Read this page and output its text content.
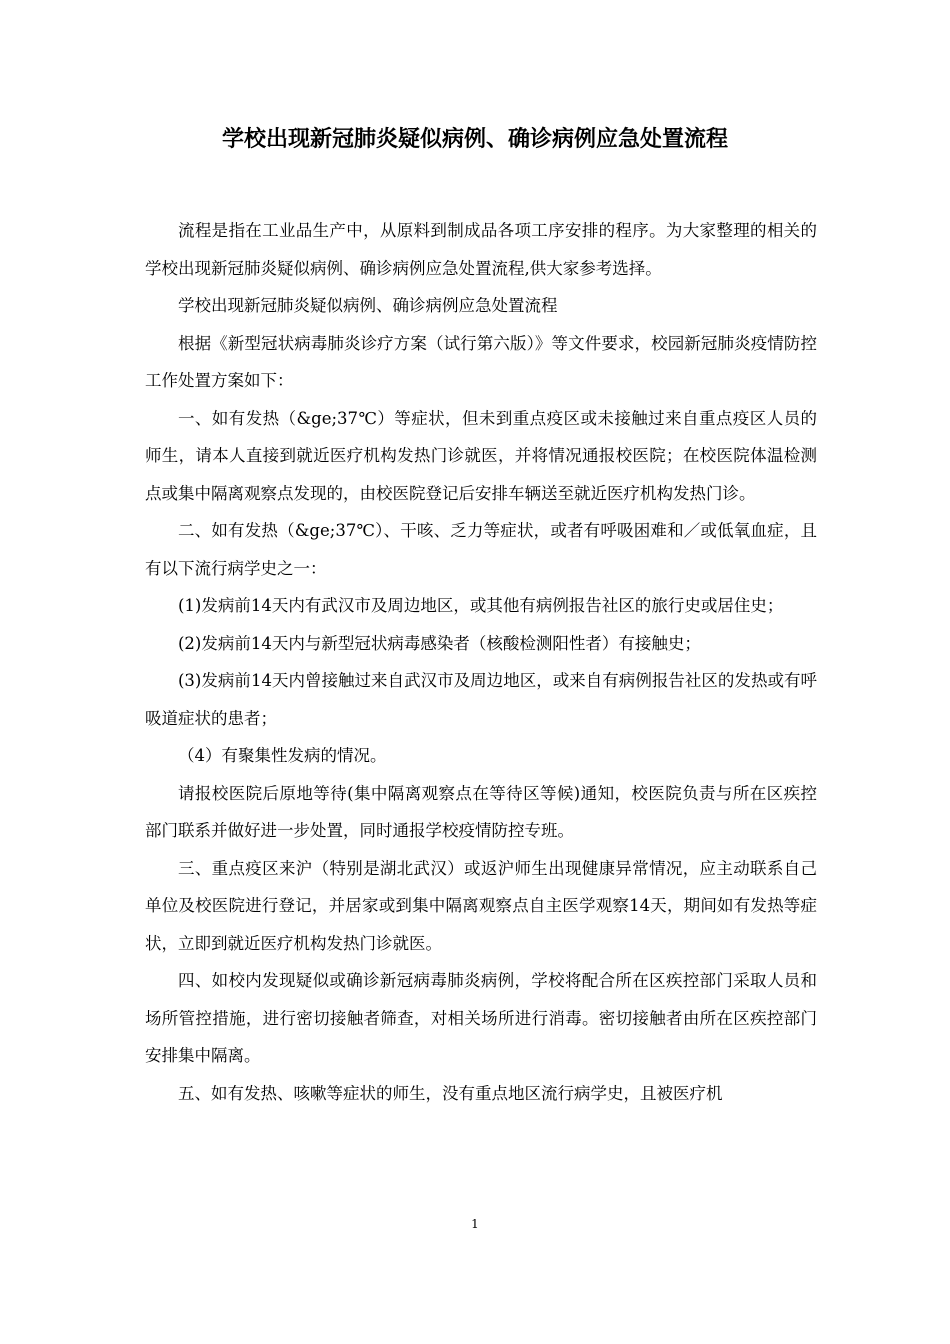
学校出现新冠肺炎疑似病例、确诊病例应急处置流程

流程是指在工业品生产中，从原料到制成品各项工序安排的程序。为大家整理的相关的学校出现新冠肺炎疑似病例、确诊病例应急处置流程,供大家参考选择。

学校出现新冠肺炎疑似病例、确诊病例应急处置流程

根据《新型冠状病毒肺炎诊疗方案（试行第六版）》等文件要求，校园新冠肺炎疫情防控工作处置方案如下：

一、如有发热（&ge;37℃）等症状，但未到重点疫区或未接触过来自重点疫区人员的师生，请本人直接到就近医疗机构发热门诊就医，并将情况通报校医院；在校医院体温检测点或集中隔离观察点发现的，由校医院登记后安排车辆送至就近医疗机构发热门诊。

二、如有发热（&ge;37℃）、干咳、乏力等症状，或者有呼吸困难和／或低氧血症，且有以下流行病学史之一：

(1)发病前14天内有武汉市及周边地区，或其他有病例报告社区的旅行史或居住史；

(2)发病前14天内与新型冠状病毒感染者（核酸检测阳性者）有接触史；

(3)发病前14天内曾接触过来自武汉市及周边地区，或来自有病例报告社区的发热或有呼吸道症状的患者；

（4）有聚集性发病的情况。

请报校医院后原地等待(集中隔离观察点在等待区等候)通知，校医院负责与所在区疾控部门联系并做好进一步处置，同时通报学校疫情防控专班。

三、重点疫区来沪（特别是湖北武汉）或返沪师生出现健康异常情况，应主动联系自己单位及校医院进行登记，并居家或到集中隔离观察点自主医学观察14天，期间如有发热等症状，立即到就近医疗机构发热门诊就医。

四、如校内发现疑似或确诊新冠病毒肺炎病例，学校将配合所在区疾控部门采取人员和场所管控措施，进行密切接触者筛查，对相关场所进行消毒。密切接触者由所在区疾控部门安排集中隔离。

五、如有发热、咳嗽等症状的师生，没有重点地区流行病学史，且被医疗机

1
